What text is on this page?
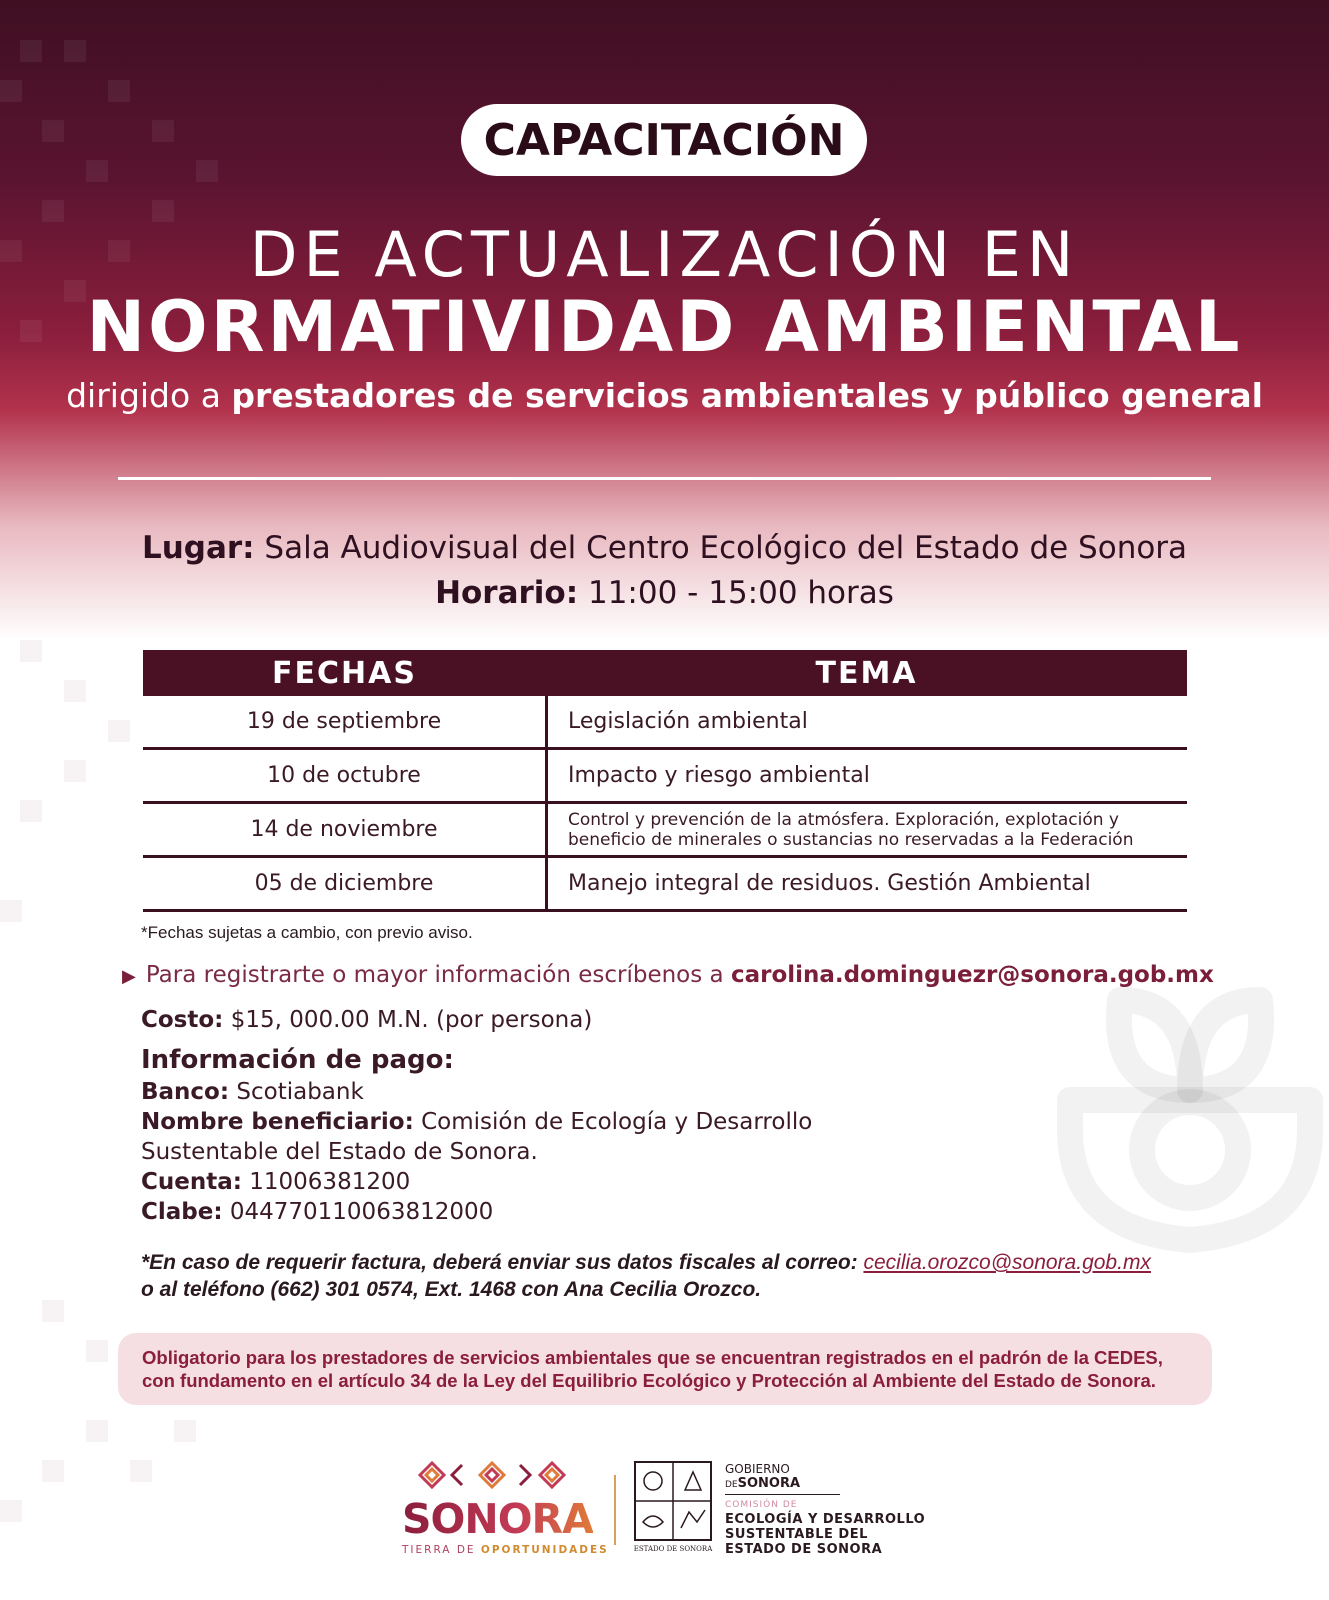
CAPACITACIÓN
DE ACTUALIZACIÓN EN
NORMATIVIDAD AMBIENTAL
dirigido a prestadores de servicios ambientales y público general
Lugar: Sala Audiovisual del Centro Ecológico del Estado de Sonora
Horario: 11:00 - 15:00 horas
FECHAS	TEMA
19 de septiembre	Legislación ambiental
10 de octubre	Impacto y riesgo ambiental
14 de noviembre	Control y prevención de la atmósfera. Exploración, explotación y
beneficio de minerales o sustancias no reservadas a la Federación
05 de diciembre	Manejo integral de residuos. Gestión Ambiental
*Fechas sujetas a cambio, con previo aviso.
▶ Para registrarte o mayor información escríbenos a carolina.dominguezr@sonora.gob.mx
Costo: $15, 000.00 M.N. (por persona)
Información de pago:
Banco: Scotiabank
Nombre beneficiario: Comisión de Ecología y Desarrollo
Sustentable del Estado de Sonora.
Cuenta: 11006381200
Clabe: 044770110063812000
*En caso de requerir factura, deberá enviar sus datos fiscales al correo: cecilia.orozco@sonora.gob.mx
o al teléfono (662) 301 0574, Ext. 1468 con Ana Cecilia Orozco.
Obligatorio para los prestadores de servicios ambientales que se encuentran registrados en el padrón de la CEDES,
con fundamento en el artículo 34 de la Ley del Equilibrio Ecológico y Protección al Ambiente del Estado de Sonora.
SONORA
TIERRA DE OPORTUNIDADES	ESTADO DE SONORA
GOBIERNO
DESONORA
COMISIÓN DE
ECOLOGÍA Y DESARROLLO
SUSTENTABLE DEL
ESTADO DE SONORA
